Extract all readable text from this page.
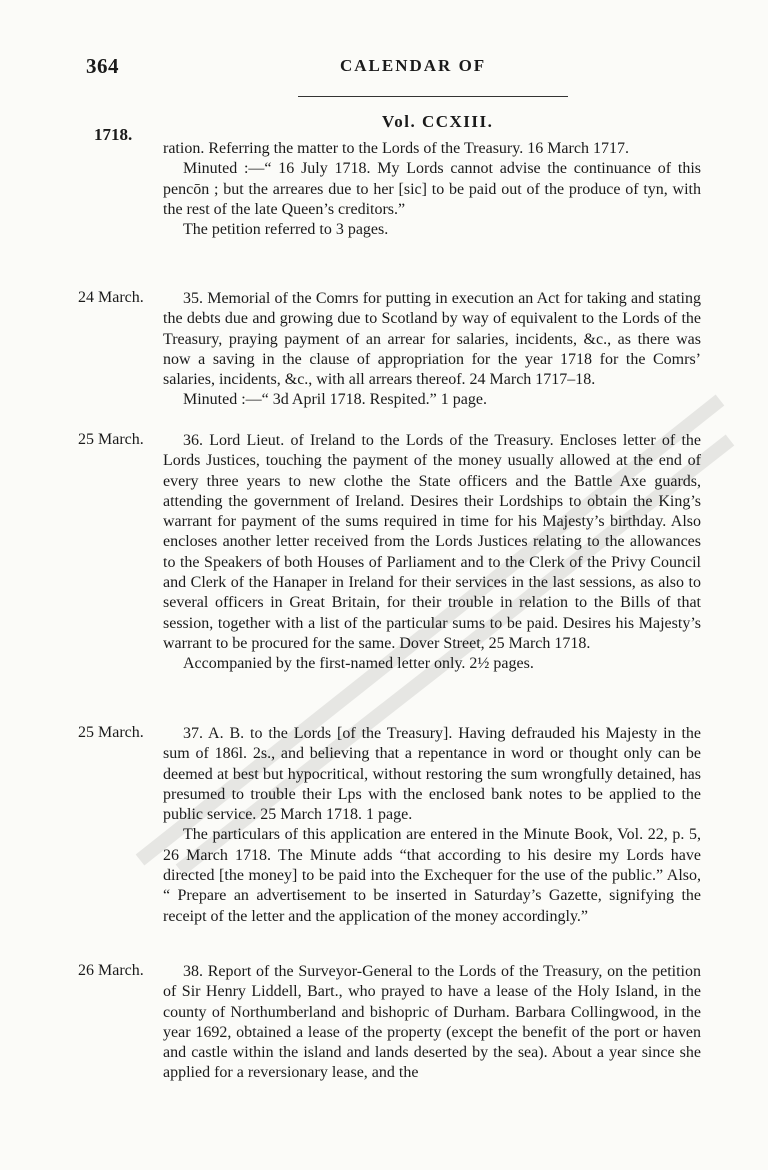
364	CALENDAR OF
Vol. CCXIII.
1718.

ration. Referring the matter to the Lords of the Treasury. 16 March 1717.

Minuted :—“ 16 July 1718. My Lords cannot advise the continuance of this pencōn ; but the arreares due to her [sic] to be paid out of the produce of tyn, with the rest of the late Queen’s creditors.”

The petition referred to 3 pages.

24 March.	35. Memorial of the Comrs for putting in execution an Act for taking and stating the debts due and growing due to Scotland by way of equivalent to the Lords of the Treasury, praying payment of an arrear for salaries, incidents, &c., as there was now a saving in the clause of appropriation for the year 1718 for the Comrs’ salaries, incidents, &c., with all arrears thereof. 24 March 1717–18.

Minuted :—“ 3d April 1718. Respited.” 1 page.

25 March.	36. Lord Lieut. of Ireland to the Lords of the Treasury. Encloses letter of the Lords Justices, touching the payment of the money usually allowed at the end of every three years to new clothe the State officers and the Battle Axe guards, attending the government of Ireland. Desires their Lordships to obtain the King’s warrant for payment of the sums required in time for his Majesty’s birthday. Also encloses another letter received from the Lords Justices relating to the allowances to the Speakers of both Houses of Parliament and to the Clerk of the Privy Council and Clerk of the Hanaper in Ireland for their services in the last sessions, as also to several officers in Great Britain, for their trouble in relation to the Bills of that session, together with a list of the particular sums to be paid. Desires his Majesty’s warrant to be procured for the same. Dover Street, 25 March 1718.

Accompanied by the first-named letter only. 2½ pages.

25 March.	37. A. B. to the Lords [of the Treasury]. Having defrauded his Majesty in the sum of 186l. 2s., and believing that a repentance in word or thought only can be deemed at best but hypocritical, without restoring the sum wrongfully detained, has presumed to trouble their Lps with the enclosed bank notes to be applied to the public service. 25 March 1718. 1 page.

The particulars of this application are entered in the Minute Book, Vol. 22, p. 5, 26 March 1718. The Minute adds “that according to his desire my Lords have directed [the money] to be paid into the Exchequer for the use of the public.” Also, “ Prepare an advertisement to be inserted in Saturday’s Gazette, signifying the receipt of the letter and the application of the money accordingly.”

26 March.	38. Report of the Surveyor-General to the Lords of the Treasury, on the petition of Sir Henry Liddell, Bart., who prayed to have a lease of the Holy Island, in the county of Northumberland and bishopric of Durham. Barbara Collingwood, in the year 1692, obtained a lease of the property (except the benefit of the port or haven and castle within the island and lands deserted by the sea). About a year since she applied for a reversionary lease, and the
